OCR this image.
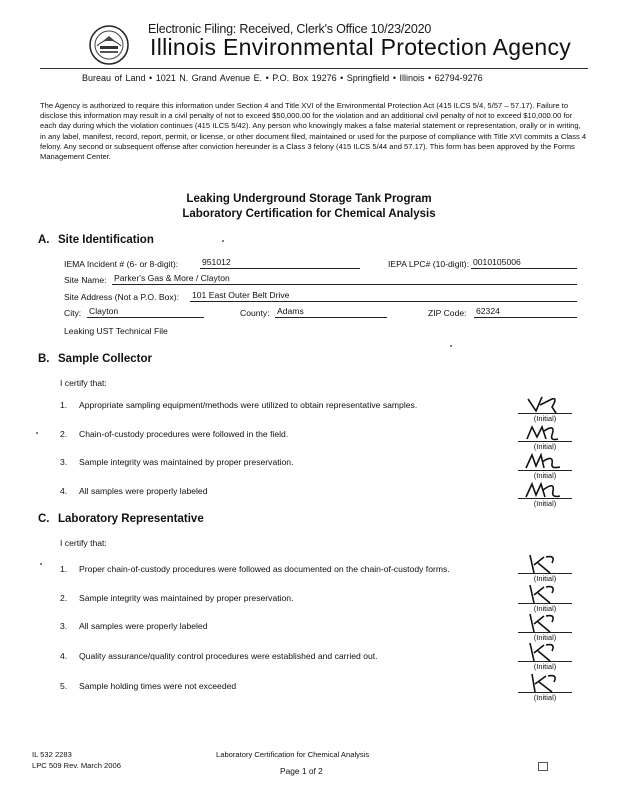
Electronic Filing: Received, Clerk's Office 10/23/2020
Illinois Environmental Protection Agency
Bureau of Land • 1021 N. Grand Avenue E. • P.O. Box 19276 • Springfield • Illinois • 62794-9276
The Agency is authorized to require this information under Section 4 and Title XVI of the Environmental Protection Act (415 ILCS 5/4, 5/57 – 57.17). Failure to disclose this information may result in a civil penalty of not to exceed $50,000.00 for the violation and an additional civil penalty of not to exceed $10,000.00 for each day during which the violation continues (415 ILCS 5/42). Any person who knowingly makes a false material statement or representation, orally or in writing, in any label, manifest, record, report, permit, or license, or other document filed, maintained or used for the purpose of compliance with Title XVI commits a Class 4 felony. Any second or subsequent offense after conviction hereunder is a Class 3 felony (415 ILCS 5/44 and 57.17). This form has been approved by the Forms Management Center.
Leaking Underground Storage Tank Program
Laboratory Certification for Chemical Analysis
A. Site Identification
IEMA Incident # (6- or 8-digit):	951012	IEPA LPC# (10-digit): 0010105006
Site Name: Parker's Gas & More / Clayton
Site Address (Not a P.O. Box): 101 East Outer Belt Drive
City: Clayton	County: Adams	ZIP Code: 62324
Leaking UST Technical File
B. Sample Collector
I certify that:
1. Appropriate sampling equipment/methods were utilized to obtain representative samples.
(Initial)
2. Chain-of-custody procedures were followed in the field.
(Initial)
3. Sample integrity was maintained by proper preservation.
(Initial)
4. All samples were properly labeled
(Initial)
C. Laboratory Representative
I certify that:
1. Proper chain-of-custody procedures were followed as documented on the chain-of-custody forms.
(Initial)
2. Sample integrity was maintained by proper preservation.
(Initial)
3. All samples were properly labeled
(Initial)
4. Quality assurance/quality control procedures were established and carried out.
(Initial)
5. Sample holding times were not exceeded
(Initial)
IL 532 2283
LPC 509 Rev. March 2006
Laboratory Certification for Chemical Analysis
Page 1 of 2
